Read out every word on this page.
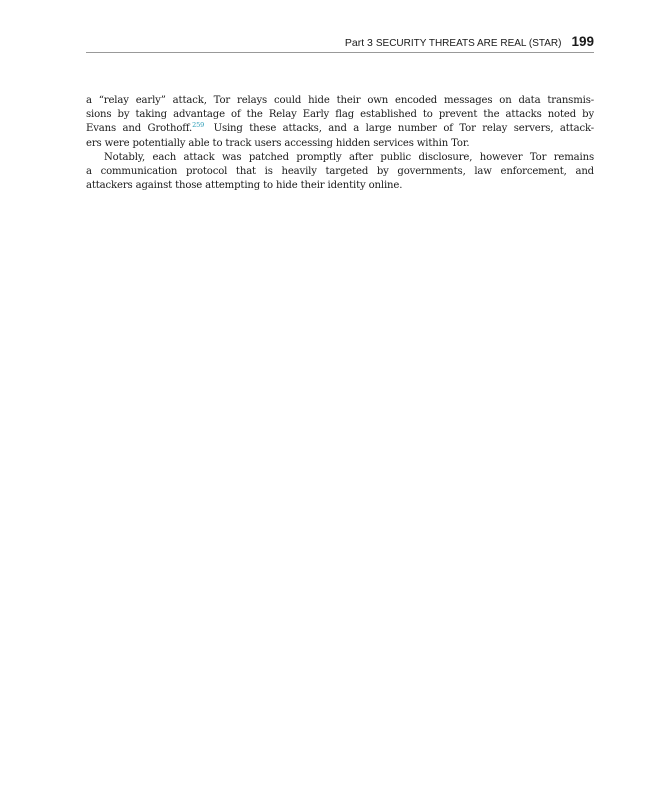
Part 3 SECURITY THREATS ARE REAL (STAR) 199

a “relay early” attack, Tor relays could hide their own encoded messages on data transmis-
sions by taking advantage of the Relay Early flag established to prevent the attacks noted by
Evans and Grothoff.$^{259}$ Using these attacks, and a large number of Tor relay servers, attack-
ers were potentially able to track users accessing hidden services within Tor.

Notably, each attack was patched promptly after public disclosure, however Tor remains
a communication protocol that is heavily targeted by governments, law enforcement, and
attackers against those attempting to hide their identity online.
